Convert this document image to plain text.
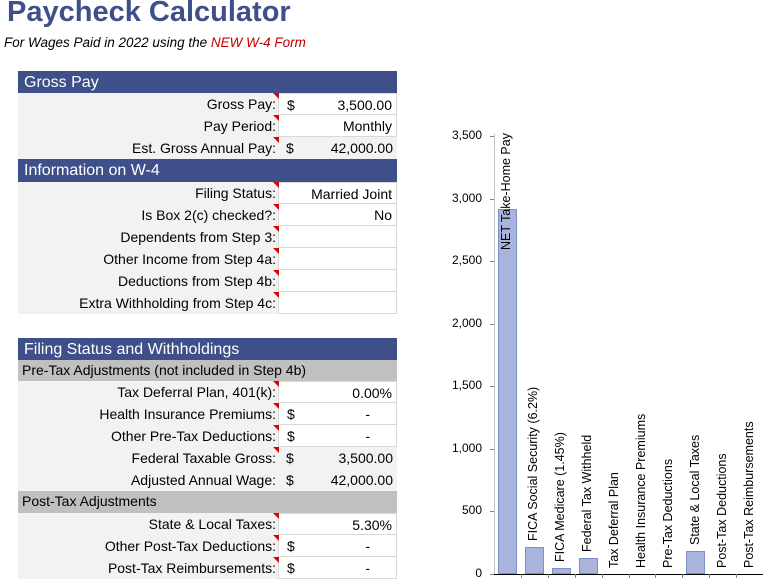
Paycheck Calculator
For Wages Paid in 2022 using the NEW W-4 Form
Gross Pay
Gross Pay: $	3,500.00
Pay Period:	Monthly
Est. Gross Annual Pay: $	42,000.00
Information on W-4
Filing Status:	Married Joint
Is Box 2(c) checked?:	No
Dependents from Step 3:
Other Income from Step 4a:
Deductions from Step 4b:
Extra Withholding from Step 4c:
Filing Status and Withholdings
Pre-Tax Adjustments (not included in Step 4b)
Tax Deferral Plan, 401(k):	0.00%
Health Insurance Premiums: $	-
Other Pre-Tax Deductions: $	-
Federal Taxable Gross: $	3,500.00
Adjusted Annual Wage: $	42,000.00
Post-Tax Adjustments
State & Local Taxes:	5.30%
Other Post-Tax Deductions: $	-
Post-Tax Reimbursements: $	-	0
500
1,000
1,500
2,000
2,500
3,000
3,500 NET Take-Home Pay
FICA Social Security (6.2%) FICA Medicare (1.45%) Federal Tax Withheld Tax Deferral Plan Health Insurance Premiums Pre-Tax Deductions State & Local Taxes Post-Tax Deductions Post-Tax Reimbursements
